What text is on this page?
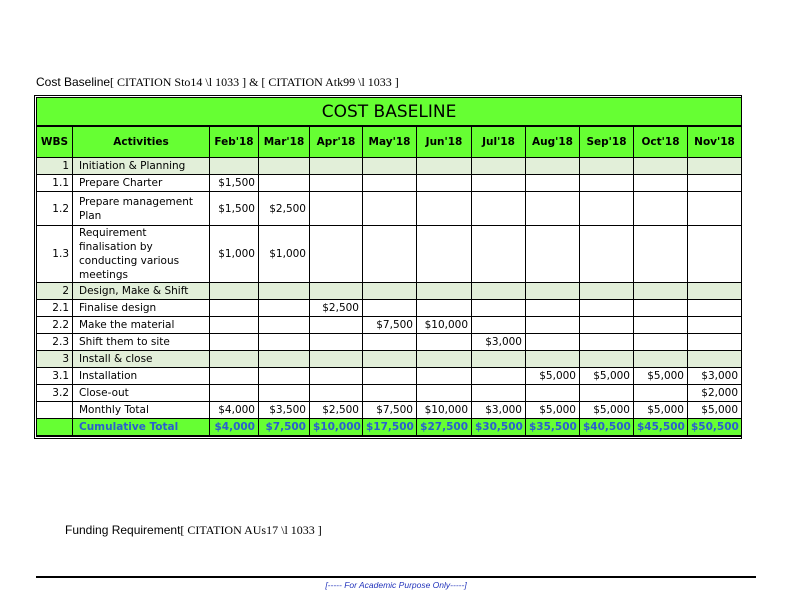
Cost Baseline[ CITATION Sto14 \l 1033 ] & [ CITATION Atk99 \l 1033 ]
COST BASELINE											
WBS	Activities	Feb'18	Mar'18	Apr'18	May'18	Jun'18	Jul'18	Aug'18	Sep'18	Oct'18	Nov'18
1	Initiation & Planning										
1.1	Prepare Charter	$1,500									
1.2	Prepare management Plan	$1,500	$2,500								
1.3	Requirement finalisation by conducting various meetings	$1,000	$1,000								
2	Design, Make & Shift										
2.1	Finalise design			$2,500							
2.2	Make the material				$7,500	$10,000					
2.3	Shift them to site						$3,000				
3	Install & close										
3.1	Installation							$5,000	$5,000	$5,000	$3,000
3.2	Close-out										$2,000
	Monthly Total	$4,000	$3,500	$2,500	$7,500	$10,000	$3,000	$5,000	$5,000	$5,000	$5,000
	Cumulative Total	$4,000	$7,500	$10,000	$17,500	$27,500	$30,500	$35,500	$40,500	$45,500	$50,500
Funding Requirement[ CITATION AUs17 \l 1033 ]
[----- For Academic Purpose Only-----]
